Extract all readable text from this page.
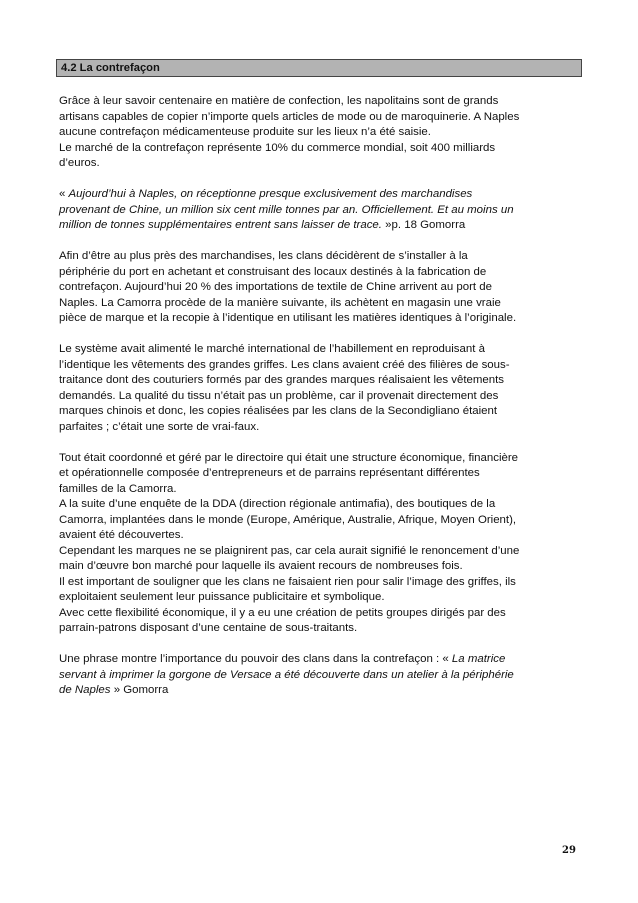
4.2 La contrefaçon
Grâce à leur savoir centenaire en matière de confection, les napolitains sont de grands
artisans capables de copier n’importe quels articles de mode ou de maroquinerie. A Naples
aucune contrefaçon médicamenteuse produite sur les lieux n’a été saisie.
Le marché de la contrefaçon représente 10% du commerce mondial, soit 400 milliards
d’euros.
« Aujourd’hui à Naples, on réceptionne presque exclusivement des marchandises
provenant de Chine, un million six cent mille tonnes par an. Officiellement. Et au moins un
million de tonnes supplémentaires entrent sans laisser de trace. »p. 18 Gomorra
Afin d’être au plus près des marchandises, les clans décidèrent de s’installer à la
périphérie du port en achetant et construisant des locaux destinés à la fabrication de
contrefaçon. Aujourd’hui 20 % des importations de textile de Chine arrivent au port de
Naples. La Camorra procède de la manière suivante, ils achètent en magasin une vraie
pièce de marque et la recopie à l’identique en utilisant les matières identiques à l’originale.
Le système avait alimenté le marché international de l’habillement en reproduisant à
l’identique les vêtements des grandes griffes. Les clans avaient créé des filières de sous-
traitance dont des couturiers formés par des grandes marques réalisaient les vêtements
demandés. La qualité du tissu n’était pas un problème, car il provenait directement des
marques chinois et donc, les copies réalisées par les clans de la Secondigliano étaient
parfaites ; c’était une sorte de vrai-faux.
Tout était coordonné et géré par le directoire qui était une structure économique, financière
et opérationnelle composée d’entrepreneurs et de parrains représentant différentes
familles de la Camorra.
A la suite d’une enquête de la DDA (direction régionale antimafia), des boutiques de la
Camorra, implantées dans le monde (Europe, Amérique, Australie, Afrique, Moyen Orient),
avaient été découvertes.
Cependant les marques ne se plaignirent pas, car cela aurait signifié le renoncement d’une
main d’œuvre bon marché pour laquelle ils avaient recours de nombreuses fois.
Il est important de souligner que les clans ne faisaient rien pour salir l’image des griffes, ils
exploitaient seulement leur puissance publicitaire et symbolique.
Avec cette flexibilité économique, il y a eu une création de petits groupes dirigés par des
parrain-patrons disposant d’une centaine de sous-traitants.
Une phrase montre l’importance du pouvoir des clans dans la contrefaçon : « La matrice
servant à imprimer la gorgone de Versace a été découverte dans un atelier à la périphérie
de Naples » Gomorra
29
